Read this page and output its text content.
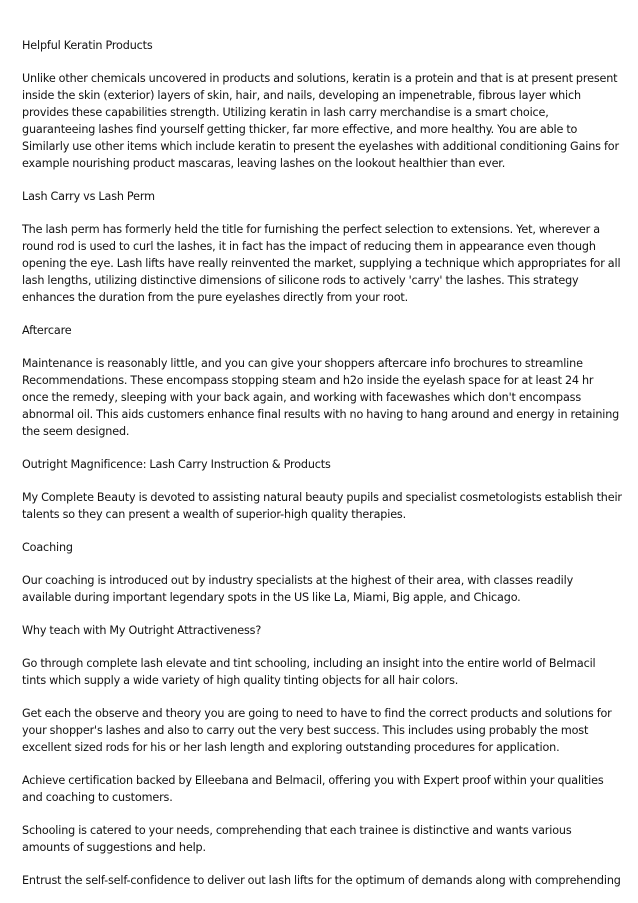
Helpful Keratin Products

Unlike other chemicals uncovered in products and solutions, keratin is a protein and that is at present present inside the skin (exterior) layers of skin, hair, and nails, developing an impenetrable, fibrous layer which provides these capabilities strength. Utilizing keratin in lash carry merchandise is a smart choice, guaranteeing lashes find yourself getting thicker, far more effective, and more healthy. You are able to Similarly use other items which include keratin to present the eyelashes with additional conditioning Gains for example nourishing product mascaras, leaving lashes on the lookout healthier than ever.

Lash Carry vs Lash Perm

The lash perm has formerly held the title for furnishing the perfect selection to extensions. Yet, wherever a round rod is used to curl the lashes, it in fact has the impact of reducing them in appearance even though opening the eye. Lash lifts have really reinvented the market, supplying a technique which appropriates for all lash lengths, utilizing distinctive dimensions of silicone rods to actively 'carry' the lashes. This strategy enhances the duration from the pure eyelashes directly from your root.

Aftercare

Maintenance is reasonably little, and you can give your shoppers aftercare info brochures to streamline Recommendations. These encompass stopping steam and h2o inside the eyelash space for at least 24 hr once the remedy, sleeping with your back again, and working with facewashes which don't encompass abnormal oil. This aids customers enhance final results with no having to hang around and energy in retaining the seem designed.

Outright Magnificence: Lash Carry Instruction & Products

My Complete Beauty is devoted to assisting natural beauty pupils and specialist cosmetologists establish their talents so they can present a wealth of superior-high quality therapies.

Coaching

Our coaching is introduced out by industry specialists at the highest of their area, with classes readily available during important legendary spots in the US like La, Miami, Big apple, and Chicago.

Why teach with My Outright Attractiveness?

Go through complete lash elevate and tint schooling, including an insight into the entire world of Belmacil tints which supply a wide variety of high quality tinting objects for all hair colors.

Get each the observe and theory you are going to need to have to find the correct products and solutions for your shopper's lashes and also to carry out the very best success. This includes using probably the most excellent sized rods for his or her lash length and exploring outstanding procedures for application.

Achieve certification backed by Elleebana and Belmacil, offering you with Expert proof within your qualities and coaching to customers.

Schooling is catered to your needs, comprehending that each trainee is distinctive and wants various amounts of suggestions and help.

Entrust the self-self-confidence to deliver out lash lifts for the optimum of demands along with comprehending
